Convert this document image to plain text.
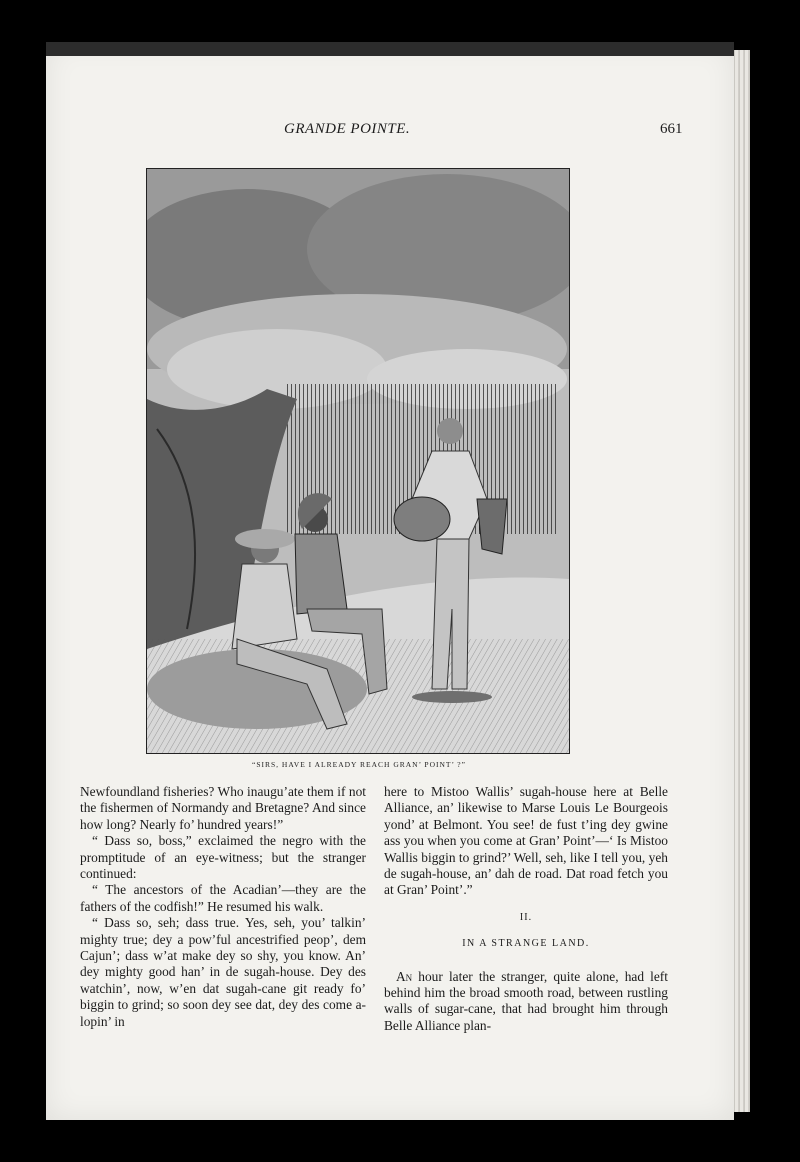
GRANDE POINTE.	661
“SIRS, HAVE I ALREADY REACH GRAN’ POINT’ ?”

Newfoundland fisheries? Who inaugu’ate them if not the fishermen of Normandy and Bretagne? And since how long? Nearly fo’ hundred years!”

“ Dass so, boss,” exclaimed the negro with the promptitude of an eye-witness; but the stranger continued:

“ The ancestors of the Acadian’—they are the fathers of the codfish!” He resumed his walk.

“ Dass so, seh; dass true. Yes, seh, you’ talkin’ mighty true; dey a pow’ful ancestrified peop’, dem Cajun’; dass w’at make dey so shy, you know. An’ dey mighty good han’ in de sugah-house. Dey des watchin’, now, w’en dat sugah-cane git ready fo’ biggin to grind; so soon dey see dat, dey des come a-lopin’ in

here to Mistoo Wallis’ sugah-house here at Belle Alliance, an’ likewise to Marse Louis Le Bourgeois yond’ at Belmont. You see! de fust t’ing dey gwine ass you when you come at Gran’ Point’—‘ Is Mistoo Wallis biggin to grind?’ Well, seh, like I tell you, yeh de sugah-house, an’ dah de road. Dat road fetch you at Gran’ Point’.”

II.
IN A STRANGE LAND.

An hour later the stranger, quite alone, had left behind him the broad smooth road, between rustling walls of sugar-cane, that had brought him through Belle Alliance plan-
